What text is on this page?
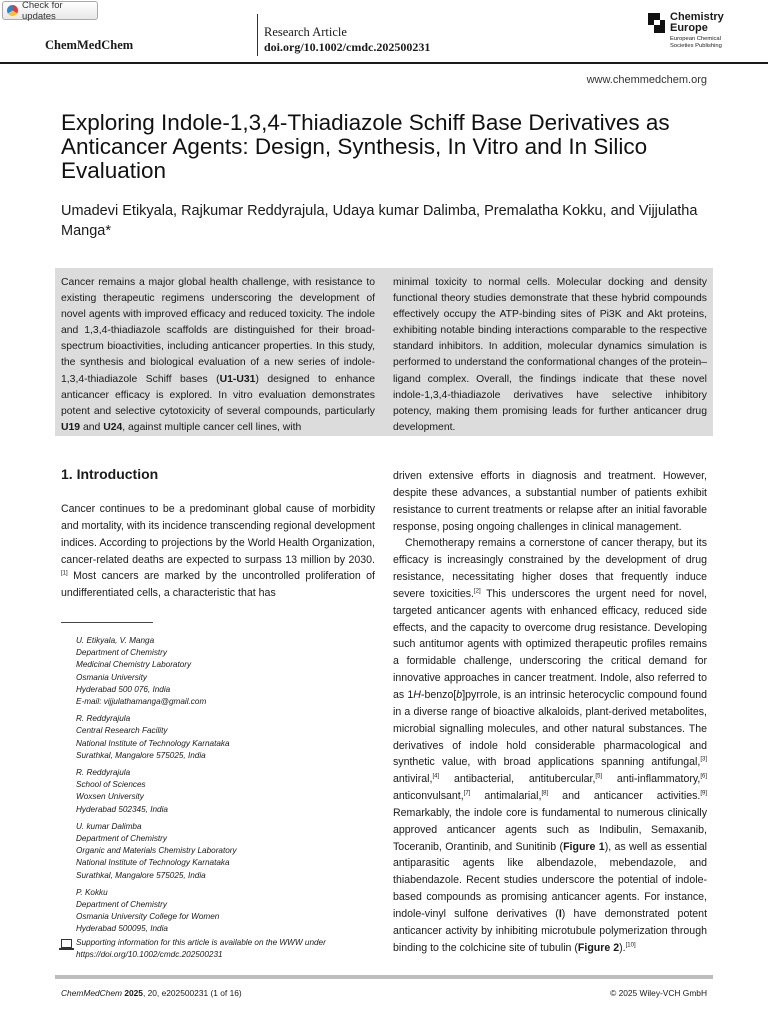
Check for updates
ChemMedChem
Research Article
doi.org/10.1002/cmdc.202500231
Chemistry
Europe
European Chemical
Societies Publishing
www.chemmedchem.org
Exploring Indole-1,3,4-Thiadiazole Schiff Base Derivatives as Anticancer Agents: Design, Synthesis, In Vitro and In Silico Evaluation
Umadevi Etikyala, Rajkumar Reddyrajula, Udaya kumar Dalimba, Premalatha Kokku, and Vijjulatha Manga*
Cancer remains a major global health challenge, with resistance to existing therapeutic regimens underscoring the development of novel agents with improved efficacy and reduced toxicity. The indole and 1,3,4-thiadiazole scaffolds are distinguished for their broad-spectrum bioactivities, including anticancer properties. In this study, the synthesis and biological evaluation of a new series of indole-1,3,4-thiadiazole Schiff bases (U1-U31) designed to enhance anticancer efficacy is explored. In vitro evaluation demonstrates potent and selective cytotoxicity of several compounds, particularly U19 and U24, against multiple cancer cell lines, with
minimal toxicity to normal cells. Molecular docking and density functional theory studies demonstrate that these hybrid compounds effectively occupy the ATP-binding sites of Pi3K and Akt proteins, exhibiting notable binding interactions comparable to the respective standard inhibitors. In addition, molecular dynamics simulation is performed to understand the conformational changes of the protein–ligand complex. Overall, the findings indicate that these novel indole-1,3,4-thiadiazole derivatives have selective inhibitory potency, making them promising leads for further anticancer drug development.
1. Introduction
Cancer continues to be a predominant global cause of morbidity and mortality, with its incidence transcending regional development indices. According to projections by the World Health Organization, cancer-related deaths are expected to surpass 13 million by 2030.[1] Most cancers are marked by the uncontrolled proliferation of undifferentiated cells, a characteristic that has
U. Etikyala, V. Manga
Department of Chemistry
Medicinal Chemistry Laboratory
Osmania University
Hyderabad 500 076, India
E-mail: vijjulathamanga@gmail.com
R. Reddyrajula
Central Research Facility
National Institute of Technology Karnataka
Surathkal, Mangalore 575025, India
R. Reddyrajula
School of Sciences
Woxsen University
Hyderabad 502345, India
U. kumar Dalimba
Department of Chemistry
Organic and Materials Chemistry Laboratory
National Institute of Technology Karnataka
Surathkal, Mangalore 575025, India
P. Kokku
Department of Chemistry
Osmania University College for Women
Hyderabad 500095, India
Supporting information for this article is available on the WWW under https://doi.org/10.1002/cmdc.202500231

driven extensive efforts in diagnosis and treatment. However, despite these advances, a substantial number of patients exhibit resistance to current treatments or relapse after an initial favorable response, posing ongoing challenges in clinical management.

Chemotherapy remains a cornerstone of cancer therapy, but its efficacy is increasingly constrained by the development of drug resistance, necessitating higher doses that frequently induce severe toxicities.[2] This underscores the urgent need for novel, targeted anticancer agents with enhanced efficacy, reduced side effects, and the capacity to overcome drug resistance. Developing such antitumor agents with optimized therapeutic profiles remains a formidable challenge, underscoring the critical demand for innovative approaches in cancer treatment. Indole, also referred to as 1H-benzo[b]pyrrole, is an intrinsic heterocyclic compound found in a diverse range of bioactive alkaloids, plant-derived metabolites, microbial signalling molecules, and other natural substances. The derivatives of indole hold considerable pharmacological and synthetic value, with broad applications spanning antifungal,[3] antiviral,[4] antibacterial, antitubercular,[5] anti-inflammatory,[6] anticonvulsant,[7] antimalarial,[8] and anticancer activities.[9] Remarkably, the indole core is fundamental to numerous clinically approved anticancer agents such as Indibulin, Semaxanib, Toceranib, Orantinib, and Sunitinib (Figure 1), as well as essential antiparasitic agents like albendazole, mebendazole, and thiabendazole. Recent studies underscore the potential of indole-based compounds as promising anticancer agents. For instance, indole-vinyl sulfone derivatives (I) have demonstrated potent anticancer activity by inhibiting microtubule polymerization through binding to the colchicine site of tubulin (Figure 2).[10]

ChemMedChem 2025, 20, e202500231 (1 of 16)	© 2025 Wiley-VCH GmbH
